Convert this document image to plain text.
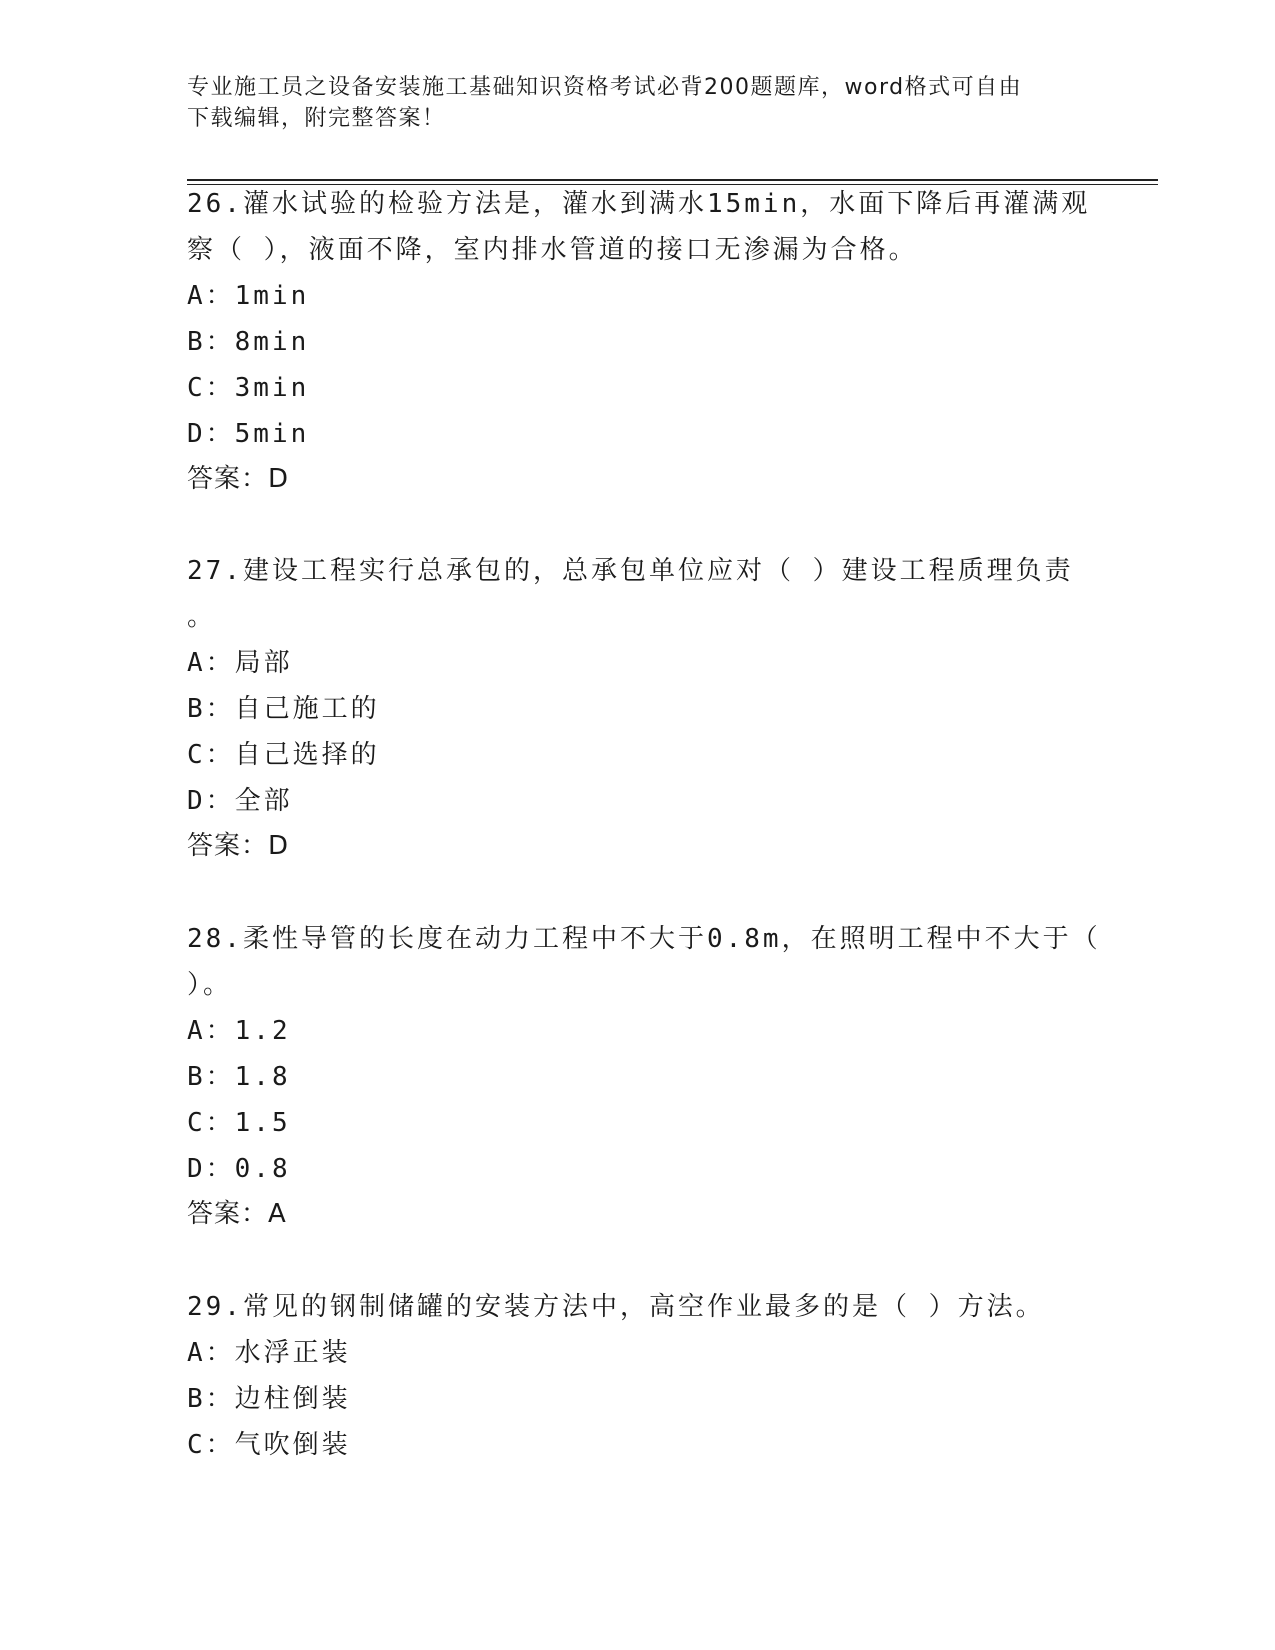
专业施工员之设备安装施工基础知识资格考试必背200题题库，word格式可自由
下载编辑，附完整答案！
26.灌水试验的检验方法是，灌水到满水15min，水面下降后再灌满观
察（ ），液面不降，室内排水管道的接口无渗漏为合格。
A：1min
B：8min
C：3min
D：5min
答案：D
27.建设工程实行总承包的，总承包单位应对（ ）建设工程质理负责
。
A：局部
B：自己施工的
C：自己选择的
D：全部
答案：D
28.柔性导管的长度在动力工程中不大于0.8m，在照明工程中不大于（
）。
A：1.2
B：1.8
C：1.5
D：0.8
答案：A
29.常见的钢制储罐的安装方法中，高空作业最多的是（ ）方法。
A：水浮正装
B：边柱倒装
C：气吹倒装
